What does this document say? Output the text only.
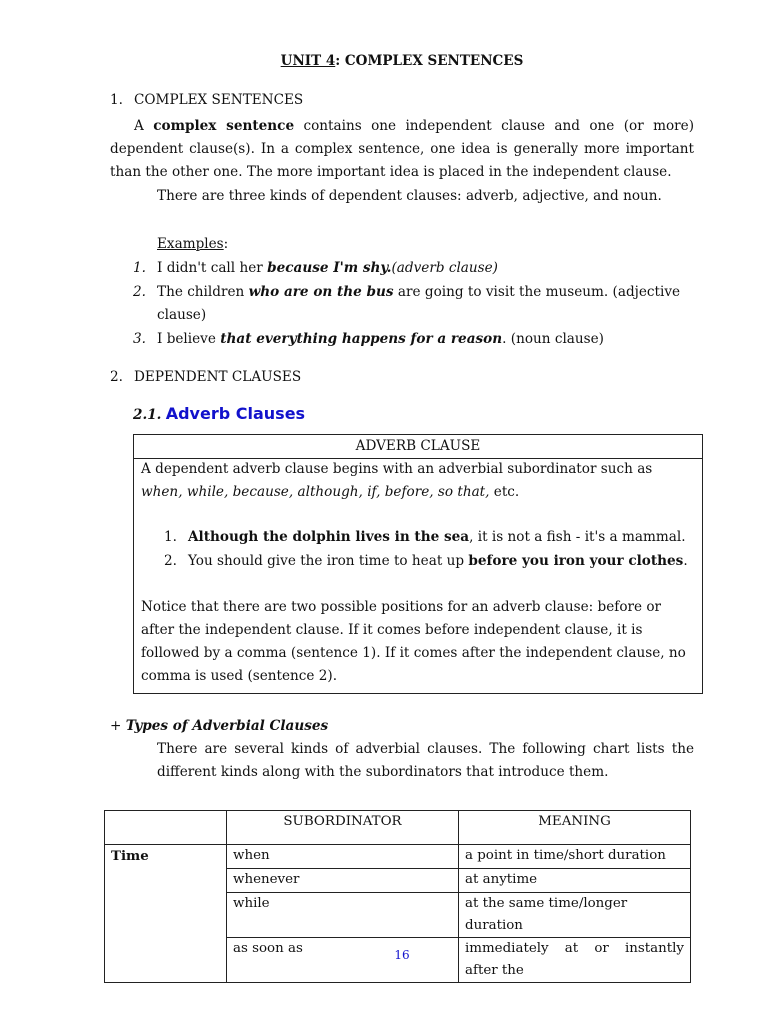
UNIT 4: COMPLEX SENTENCES
1. COMPLEX SENTENCES
A complex sentence contains one independent clause and one (or more) dependent clause(s). In a complex sentence, one idea is generally more important than the other one. The more important idea is placed in the independent clause.
There are three kinds of dependent clauses: adverb, adjective, and noun.
Examples:
1. I didn't call her because I'm shy.(adverb clause)
2. The children who are on the bus are going to visit the museum. (adjective
clause)
3. I believe that everything happens for a reason. (noun clause)
2. DEPENDENT CLAUSES
2.1. Adverb Clauses
ADVERB CLAUSE
A dependent adverb clause begins with an adverbial subordinator such as when, while, because, although, if, before, so that, etc.
1. Although the dolphin lives in the sea, it is not a fish - it's a mammal.
2. You should give the iron time to heat up before you iron your clothes.
Notice that there are two possible positions for an adverb clause: before or after the independent clause. If it comes before independent clause, it is followed by a comma (sentence 1). If it comes after the independent clause, no comma is used (sentence 2).
+ Types of Adverbial Clauses
There are several kinds of adverbial clauses. The following chart lists the different kinds along with the subordinators that introduce them.
	SUBORDINATOR	MEANING
Time	when	a point in time/short duration
	whenever	at anytime
	while	at the same time/longer duration
	as soon as	immediately at or instantly after the
16
